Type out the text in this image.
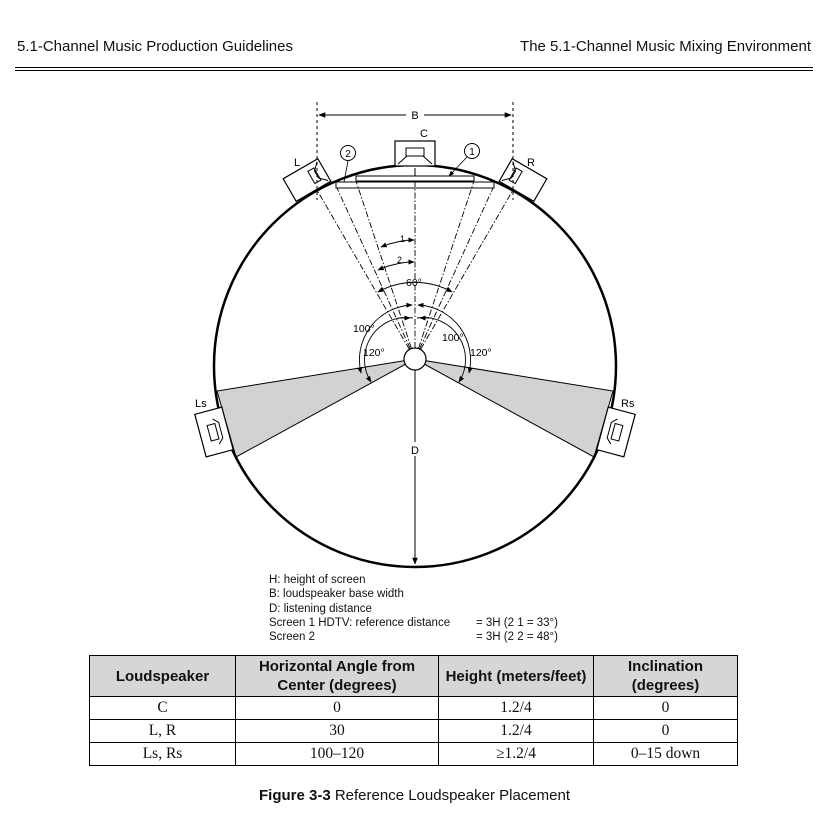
5.1-Channel Music Production Guidelines	The 5.1-Channel Music Mixing Environment
B
C
L	R
Ls	Rs
2	1
1
2
60°
100°
100°
120°	120°
D
H: height of screen
B: loudspeaker base width
D: listening distance
Screen 1 HDTV: reference distance = 3H (2 1 = 33°)
Screen 2	= 3H (2 2 = 48°)
Loudspeaker	Horizontal Angle from Center (degrees)	Height (meters/feet)	Inclination (degrees)
C	0	1.2/4	0
L, R	30	1.2/4	0
Ls, Rs	100–120	≥1.2/4	0–15 down
Figure 3-3 Reference Loudspeaker Placement
